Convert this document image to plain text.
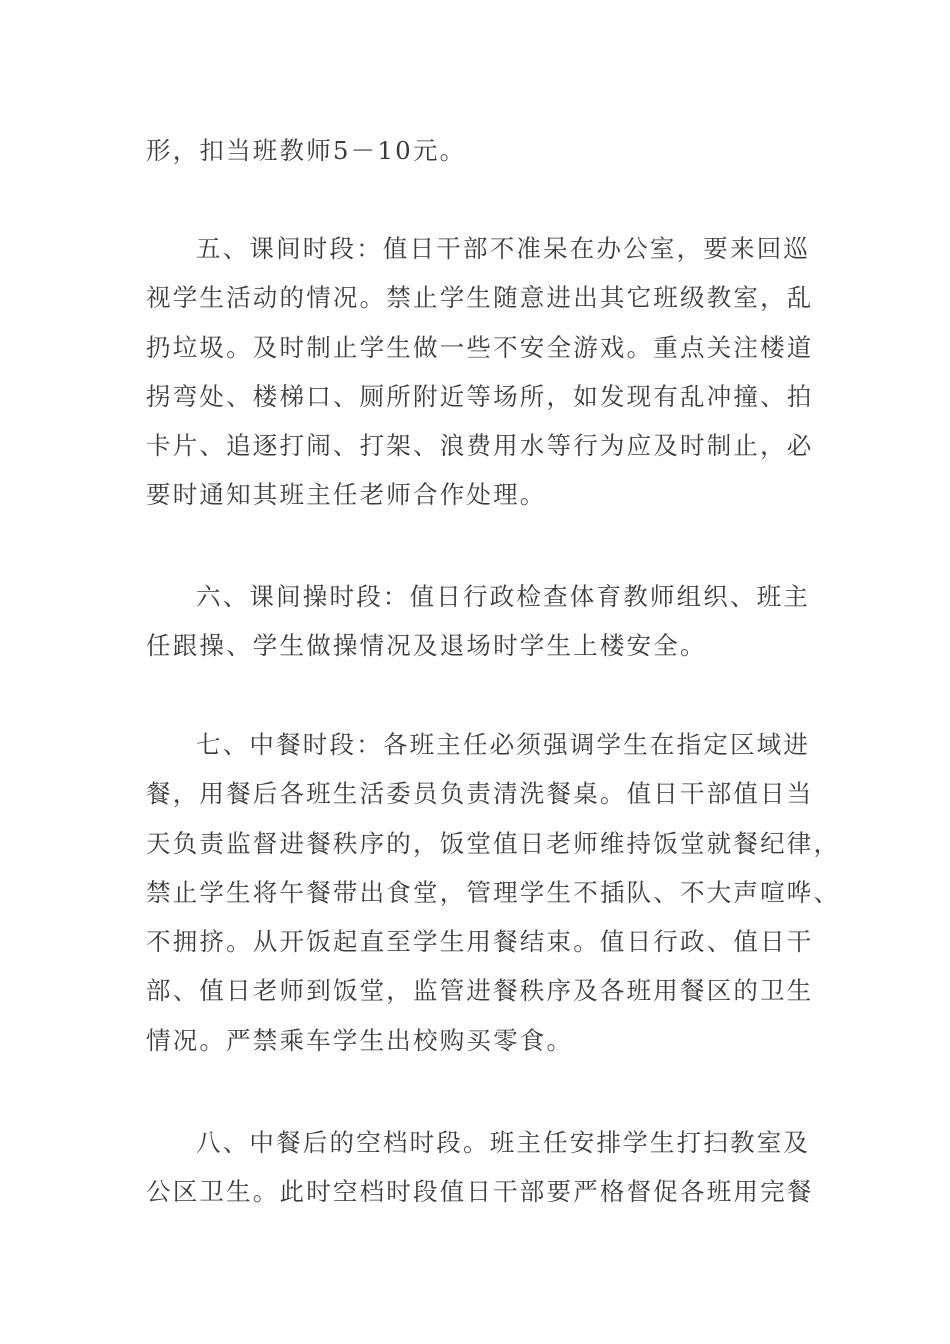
形，扣当班教师5－10元。
五、课间时段：值日干部不准呆在办公室，要来回巡
视学生活动的情况。禁止学生随意进出其它班级教室，乱
扔垃圾。及时制止学生做一些不安全游戏。重点关注楼道
拐弯处、楼梯口、厕所附近等场所，如发现有乱冲撞、拍
卡片、追逐打闹、打架、浪费用水等行为应及时制止，必
要时通知其班主任老师合作处理。
六、课间操时段：值日行政检查体育教师组织、班主
任跟操、学生做操情况及退场时学生上楼安全。
七、中餐时段：各班主任必须强调学生在指定区域进
餐，用餐后各班生活委员负责清洗餐桌。值日干部值日当
天负责监督进餐秩序的，饭堂值日老师维持饭堂就餐纪律，
禁止学生将午餐带出食堂，管理学生不插队、不大声喧哗、
不拥挤。从开饭起直至学生用餐结束。值日行政、值日干
部、值日老师到饭堂，监管进餐秩序及各班用餐区的卫生
情况。严禁乘车学生出校购买零食。
八、中餐后的空档时段。班主任安排学生打扫教室及
公区卫生。此时空档时段值日干部要严格督促各班用完餐
